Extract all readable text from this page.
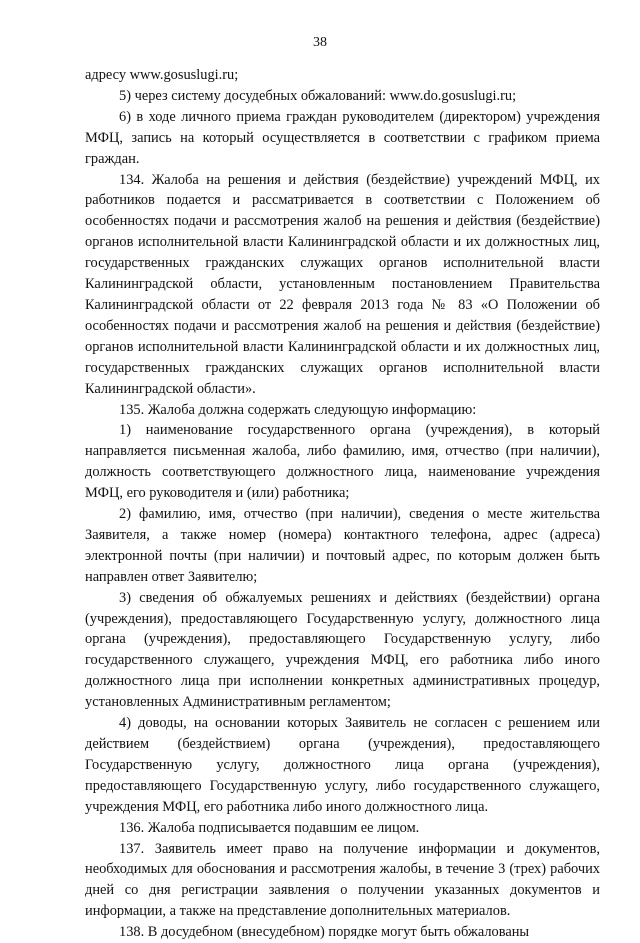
38

адресу www.gosuslugi.ru;

5) через систему досудебных обжалований: www.do.gosuslugi.ru;

6) в ходе личного приема граждан руководителем (директором) учреждения МФЦ, запись на который осуществляется в соответствии с графиком приема граждан.

134. Жалоба на решения и действия (бездействие) учреждений МФЦ, их работников подается и рассматривается в соответствии с Положением об особенностях подачи и рассмотрения жалоб на решения и действия (бездействие) органов исполнительной власти Калининградской области и их должностных лиц, государственных гражданских служащих органов исполнительной власти Калининградской области, установленным постановлением Правительства Калининградской области от 22 февраля 2013 года № 83 «О Положении об особенностях подачи и рассмотрения жалоб на решения и действия (бездействие) органов исполнительной власти Калининградской области и их должностных лиц, государственных гражданских служащих органов исполнительной власти Калининградской области».

135. Жалоба должна содержать следующую информацию:

1) наименование государственного органа (учреждения), в который направляется письменная жалоба, либо фамилию, имя, отчество (при наличии), должность соответствующего должностного лица, наименование учреждения МФЦ, его руководителя и (или) работника;

2) фамилию, имя, отчество (при наличии), сведения о месте жительства Заявителя, а также номер (номера) контактного телефона, адрес (адреса) электронной почты (при наличии) и почтовый адрес, по которым должен быть направлен ответ Заявителю;

3) сведения об обжалуемых решениях и действиях (бездействии) органа (учреждения), предоставляющего Государственную услугу, должностного лица органа (учреждения), предоставляющего Государственную услугу, либо государственного служащего, учреждения МФЦ, его работника либо иного должностного лица при исполнении конкретных административных процедур, установленных Административным регламентом;

4) доводы, на основании которых Заявитель не согласен с решением или действием (бездействием) органа (учреждения), предоставляющего Государственную услугу, должностного лица органа (учреждения), предоставляющего Государственную услугу, либо государственного служащего, учреждения МФЦ, его работника либо иного должностного лица.

136. Жалоба подписывается подавшим ее лицом.

137. Заявитель имеет право на получение информации и документов, необходимых для обоснования и рассмотрения жалобы, в течение 3 (трех) рабочих дней со дня регистрации заявления о получении указанных документов и информации, а также на представление дополнительных материалов.

138. В досудебном (внесудебном) порядке могут быть обжалованы
